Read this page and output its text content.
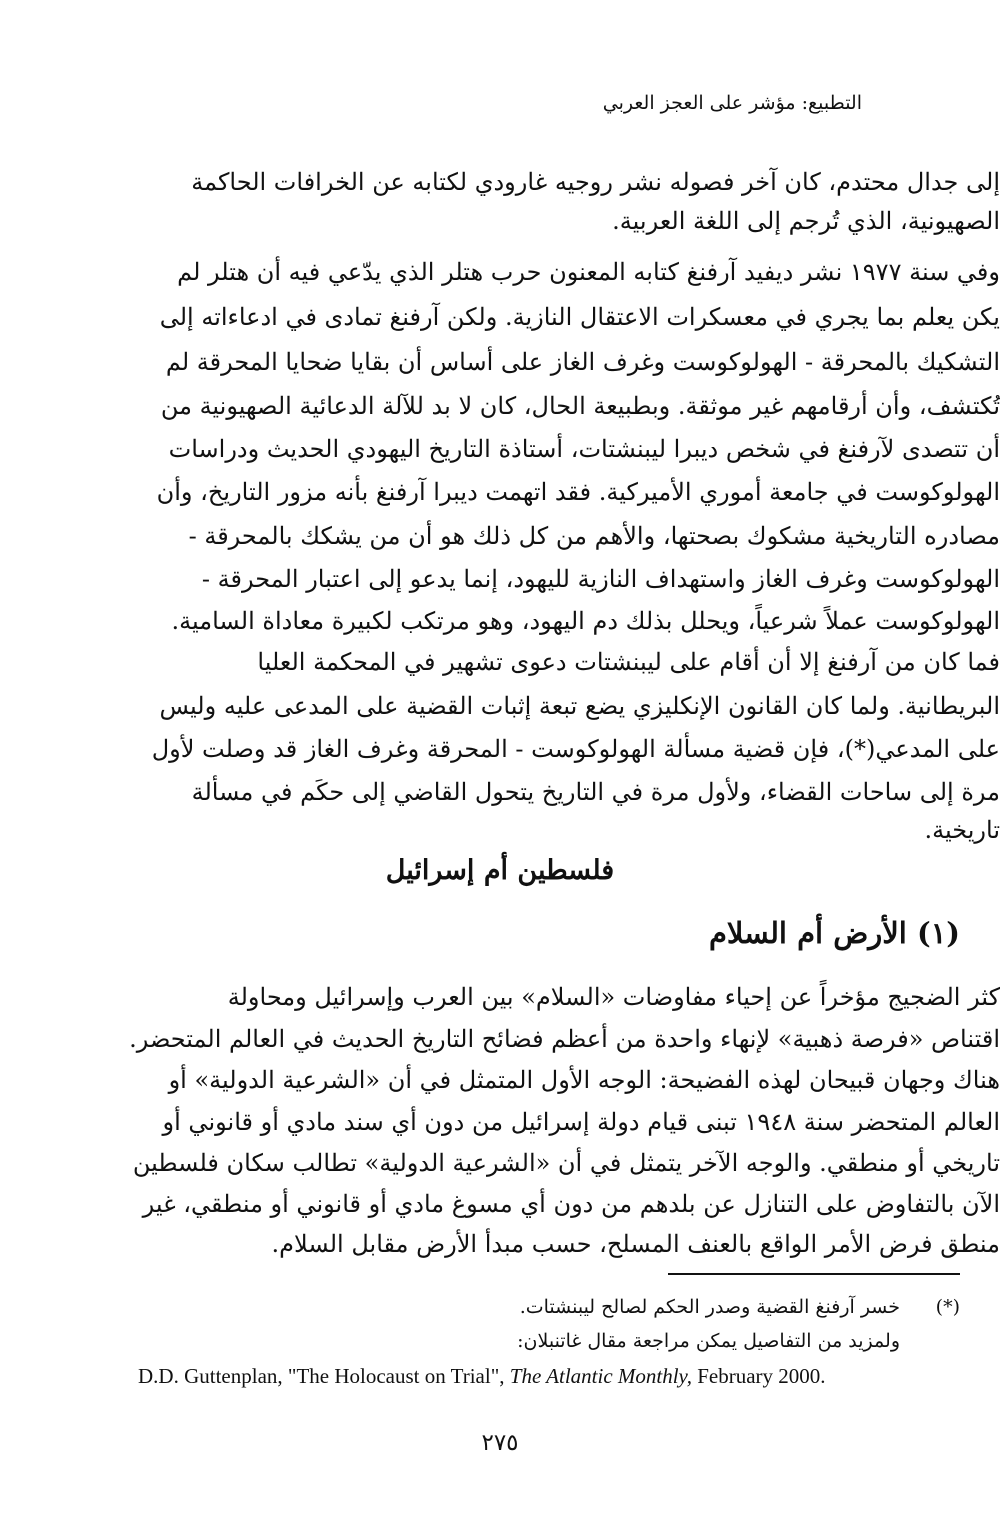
التطبيع: مؤشر على العجز العربي
إلى جدال محتدم، كان آخر فصوله نشر روجيه غارودي لكتابه عن الخرافات الحاكمة
الصهيونية، الذي تُرجم إلى اللغة العربية.
وفي سنة ١٩٧٧ نشر ديفيد آرفنغ كتابه المعنون حرب هتلر الذي يدّعي فيه أن هتلر لم
يكن يعلم بما يجري في معسكرات الاعتقال النازية. ولكن آرفنغ تمادى في ادعاءاته إلى
التشكيك بالمحرقة - الهولوكوست وغرف الغاز على أساس أن بقايا ضحايا المحرقة لم
تُكتشف، وأن أرقامهم غير موثقة. وبطبيعة الحال، كان لا بد للآلة الدعائية الصهيونية من
أن تتصدى لآرفنغ في شخص ديبرا ليبنشتات، أستاذة التاريخ اليهودي الحديث ودراسات
الهولوكوست في جامعة أموري الأميركية. فقد اتهمت ديبرا آرفنغ بأنه مزور التاريخ، وأن
مصادره التاريخية مشكوك بصحتها، والأهم من كل ذلك هو أن من يشكك بالمحرقة -
الهولوكوست وغرف الغاز واستهداف النازية لليهود، إنما يدعو إلى اعتبار المحرقة -
الهولوكوست عملاً شرعياً، ويحلل بذلك دم اليهود، وهو مرتكب لكبيرة معاداة السامية.
فما كان من آرفنغ إلا أن أقام على ليبنشتات دعوى تشهير في المحكمة العليا
البريطانية. ولما كان القانون الإنكليزي يضع تبعة إثبات القضية على المدعى عليه وليس
على المدعي(*)، فإن قضية مسألة الهولوكوست - المحرقة وغرف الغاز قد وصلت لأول
مرة إلى ساحات القضاء، ولأول مرة في التاريخ يتحول القاضي إلى حكَم في مسألة
تاريخية.
فلسطين أم إسرائيل
(١) الأرض أم السلام
كثر الضجيج مؤخراً عن إحياء مفاوضات «السلام» بين العرب وإسرائيل ومحاولة
اقتناص «فرصة ذهبية» لإنهاء واحدة من أعظم فضائح التاريخ الحديث في العالم المتحضر.
هناك وجهان قبيحان لهذه الفضيحة: الوجه الأول المتمثل في أن «الشرعية الدولية» أو
العالم المتحضر سنة ١٩٤٨ تبنى قيام دولة إسرائيل من دون أي سند مادي أو قانوني أو
تاريخي أو منطقي. والوجه الآخر يتمثل في أن «الشرعية الدولية» تطالب سكان فلسطين
الآن بالتفاوض على التنازل عن بلدهم من دون أي مسوغ مادي أو قانوني أو منطقي، غير
منطق فرض الأمر الواقع بالعنف المسلح، حسب مبدأ الأرض مقابل السلام.
(*)
خسر آرفنغ القضية وصدر الحكم لصالح ليبنشتات.
ولمزيد من التفاصيل يمكن مراجعة مقال غاتنبلان:
D.D. Guttenplan, "The Holocaust on Trial", The Atlantic Monthly, February 2000.
٢٧٥
